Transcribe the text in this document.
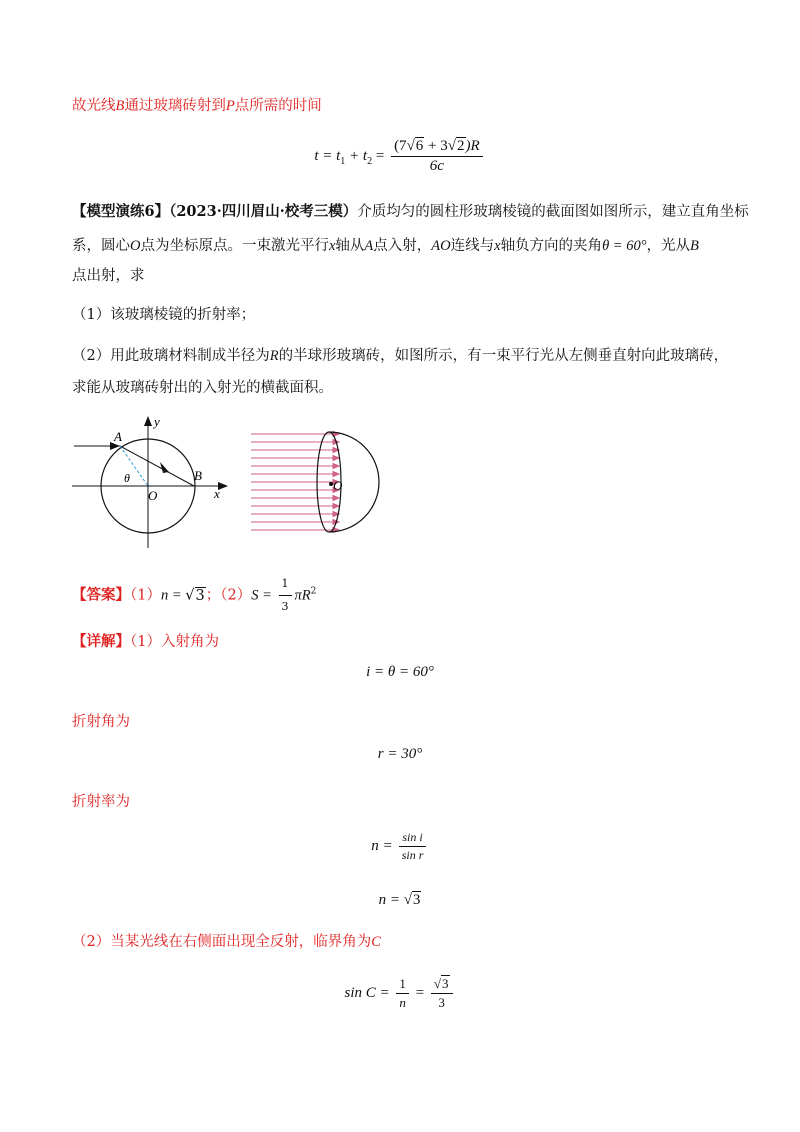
故光线B通过玻璃砖射到P点所需的时间
$t = t_1 + t_2 = \frac{(7√6 + 3√2)R}{6c}$
【模型演练6】（2023·四川眉山·校考三模）介质均匀的圆柱形玻璃棱镜的截面图如图所示，建立直角坐标
系，圆心O点为坐标原点。一束激光平行x轴从A点入射，AO连线与x轴负方向的夹角θ = 60°，光从B
点出射，求
（1）该玻璃棱镜的折射率；
（2）用此玻璃材料制成半径为R的半球形玻璃砖，如图所示，有一束平行光从左侧垂直射向此玻璃砖，
求能从玻璃砖射出的入射光的横截面积。
y
A
B
O	x
θ	O
【答案】（1）n = √3；$(2)S = \frac{1}{3} \pi R^2$
【详解】（1）入射角为
i = θ = 60°
折射角为
r = 30°
折射率为
$n = \frac{\text{sin i}}{\text{sin r}}$
n = √3
（2）当某光线在右侧面出现全反射，临界角为C
$\sin C = \frac{1}{n} = \frac{√3}{3}$
